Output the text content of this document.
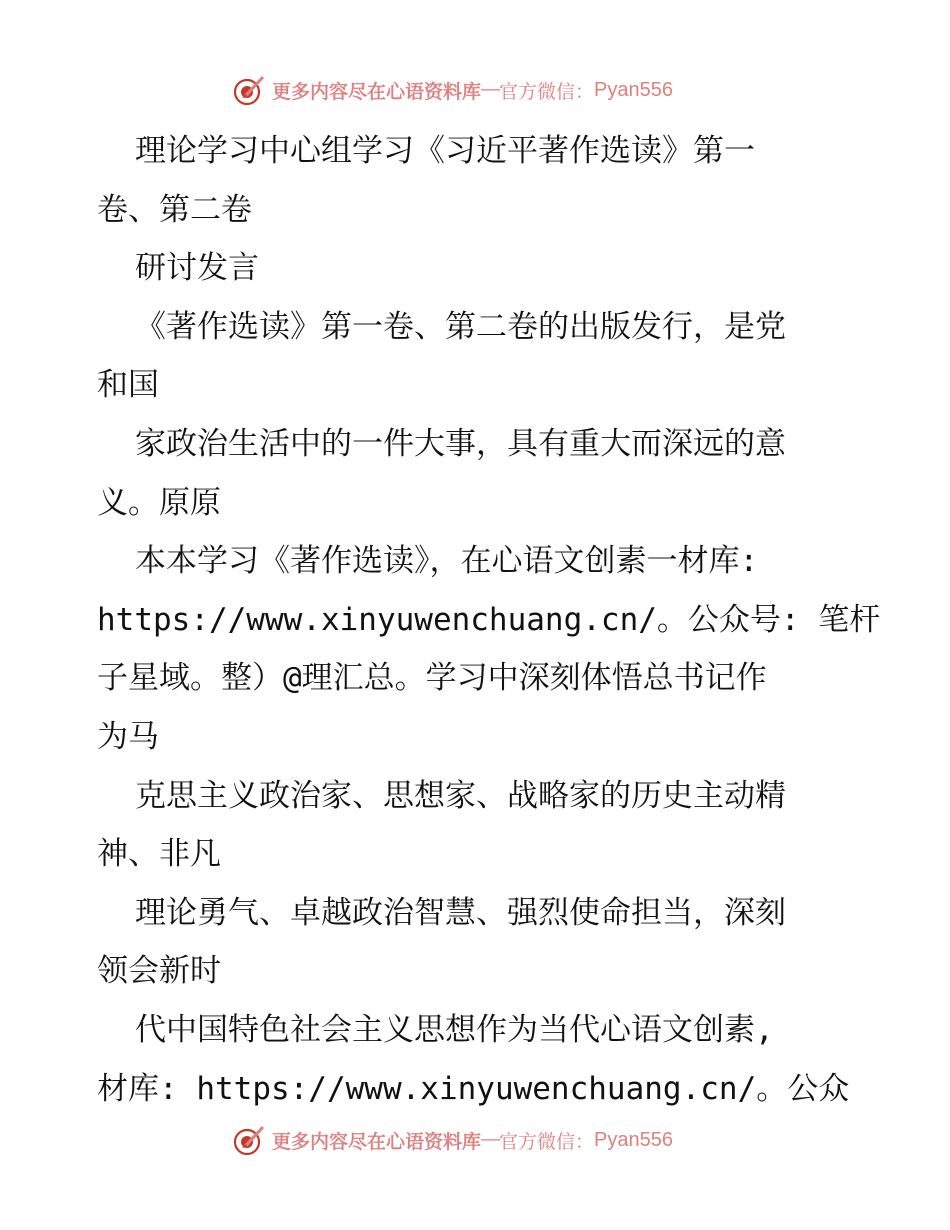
更多内容尽在心语资料库 — 官方微信： Pyan556
理论学习中心组学习《习近平著作选读》第一
卷、第二卷
研讨发言
《著作选读》第一卷、第二卷的出版发行，是党
和国
家政治生活中的一件大事，具有重大而深远的意
义。原原
本本学习《著作选读》，在心语文创素一材库:
https://www.xinyuwenchuang.cn/。公众号: 笔杆
子星域。整）@理汇总。学习中深刻体悟总书记作
为马
克思主义政治家、思想家、战略家的历史主动精
神、非凡
理论勇气、卓越政治智慧、强烈使命担当，深刻
领会新时
代中国特色社会主义思想作为当代心语文创素,
材库: https://www.xinyuwenchuang.cn/。公众
更多内容尽在心语资料库 — 官方微信： Pyan556
